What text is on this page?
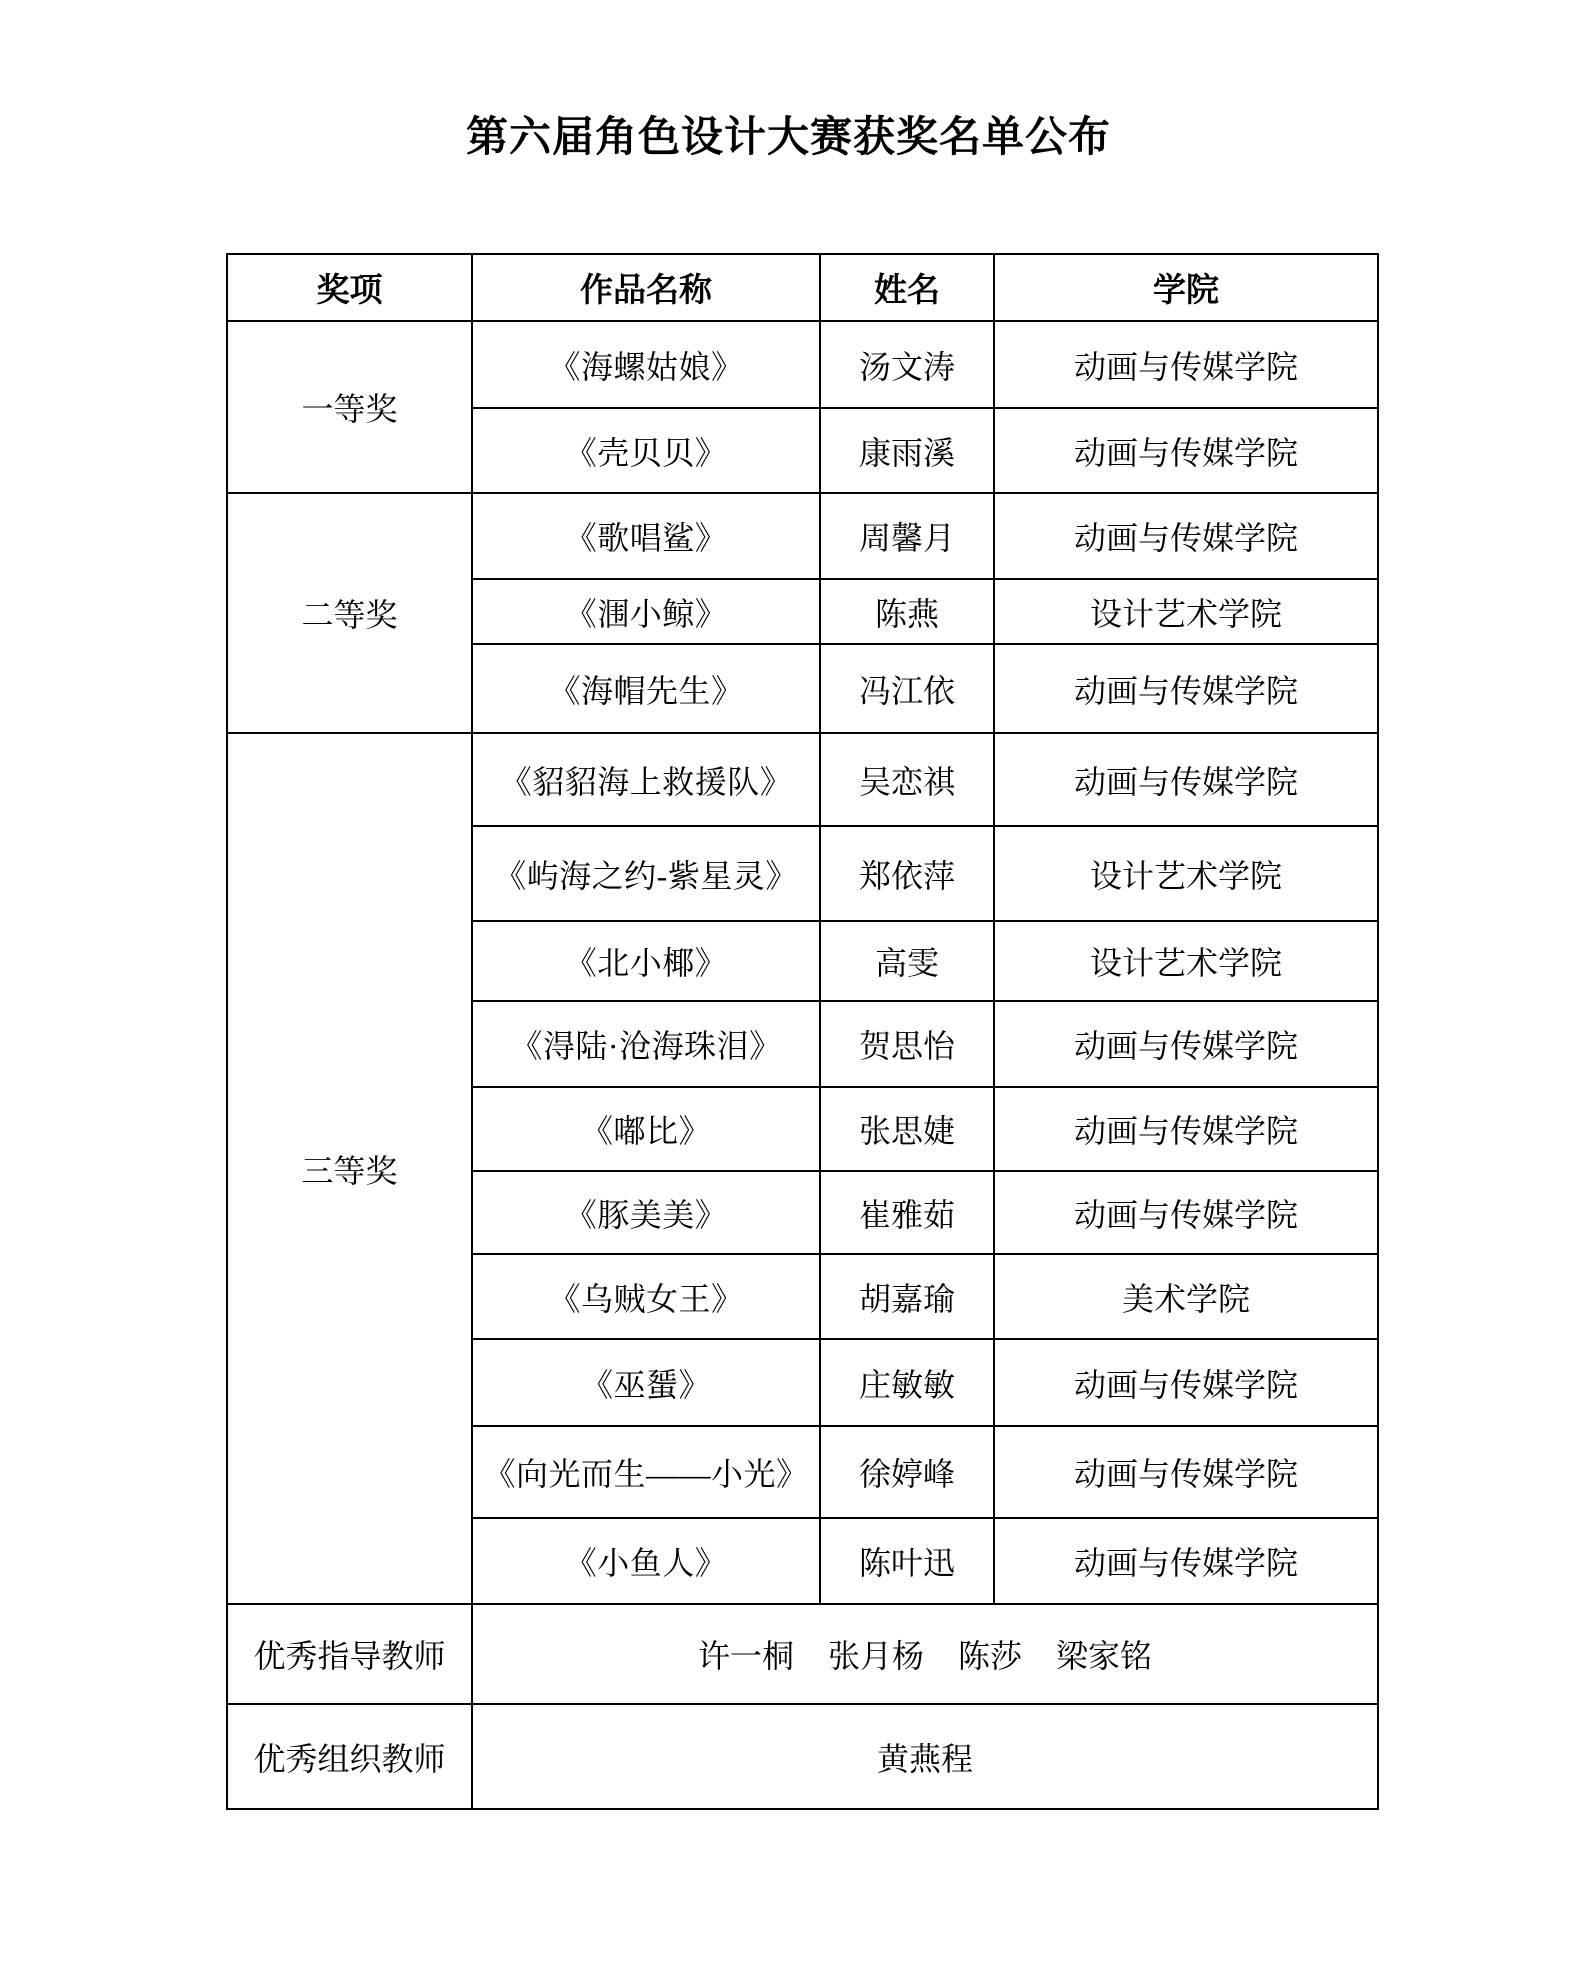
第六届角色设计大赛获奖名单公布
奖项	作品名称	姓名	学院
一等奖	《海螺姑娘》	汤文涛	动画与传媒学院
	《壳贝贝》	康雨溪	动画与传媒学院
二等奖	《歌唱鲨》	周馨月	动画与传媒学院
	《涠小鲸》	陈燕	设计艺术学院
	《海帽先生》	冯江依	动画与传媒学院
三等奖	《貂貂海上救援队》	吴恋祺	动画与传媒学院
	《屿海之约-紫星灵》	郑依萍	设计艺术学院
	《北小椰》	高雯	设计艺术学院
	《淂陆·沧海珠泪》	贺思怡	动画与传媒学院
	《嘟比》	张思婕	动画与传媒学院
	《豚美美》	崔雅茹	动画与传媒学院
	《乌贼女王》	胡嘉瑜	美术学院
	《巫蜑》	庄敏敏	动画与传媒学院
	《向光而生——小光》	徐婷峰	动画与传媒学院
	《小鱼人》	陈叶迅	动画与传媒学院
优秀指导教师	许一桐 张月杨 陈莎 梁家铭		

优秀组织教师	黄燕程		
